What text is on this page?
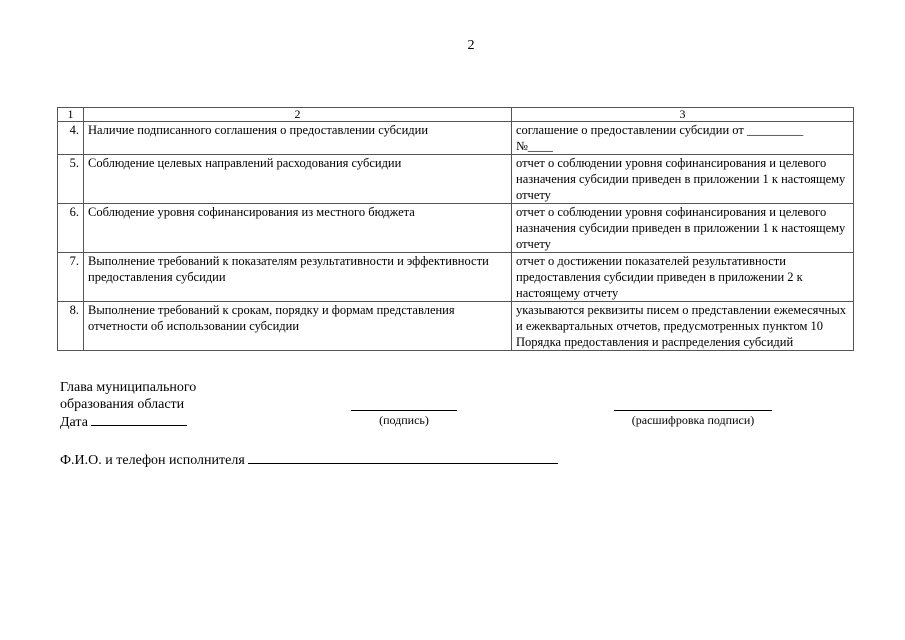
2
1	2	3
4.	Наличие подписанного соглашения о предоставлении субсидии	соглашение о предоставлении субсидии от _________
№____

5.	Соблюдение целевых направлений расходования субсидии	отчет о соблюдении уровня софинансирования и целевого назначения субсидии приведен в приложении 1 к настоящему отчету
6.	Соблюдение уровня софинансирования из местного бюджета	отчет о соблюдении уровня софинансирования и целевого назначения субсидии приведен в приложении 1 к настоящему отчету
7.	Выполнение требований к показателям результативности и эффективности предоставления субсидии	отчет о достижении показателей результативности предоставления субсидии приведен в приложении 2 к настоящему отчету
8.	Выполнение требований к срокам, порядку и формам представления отчетности об использовании субсидии	указываются реквизиты писем о представлении ежемесячных и ежеквартальных отчетов, предусмотренных пунктом 10 Порядка предоставления и распределения субсидий
Глава муниципального
образования области
Дата	(подпись)	(расшифровка подписи)
Ф.И.О. и телефон исполнителя
